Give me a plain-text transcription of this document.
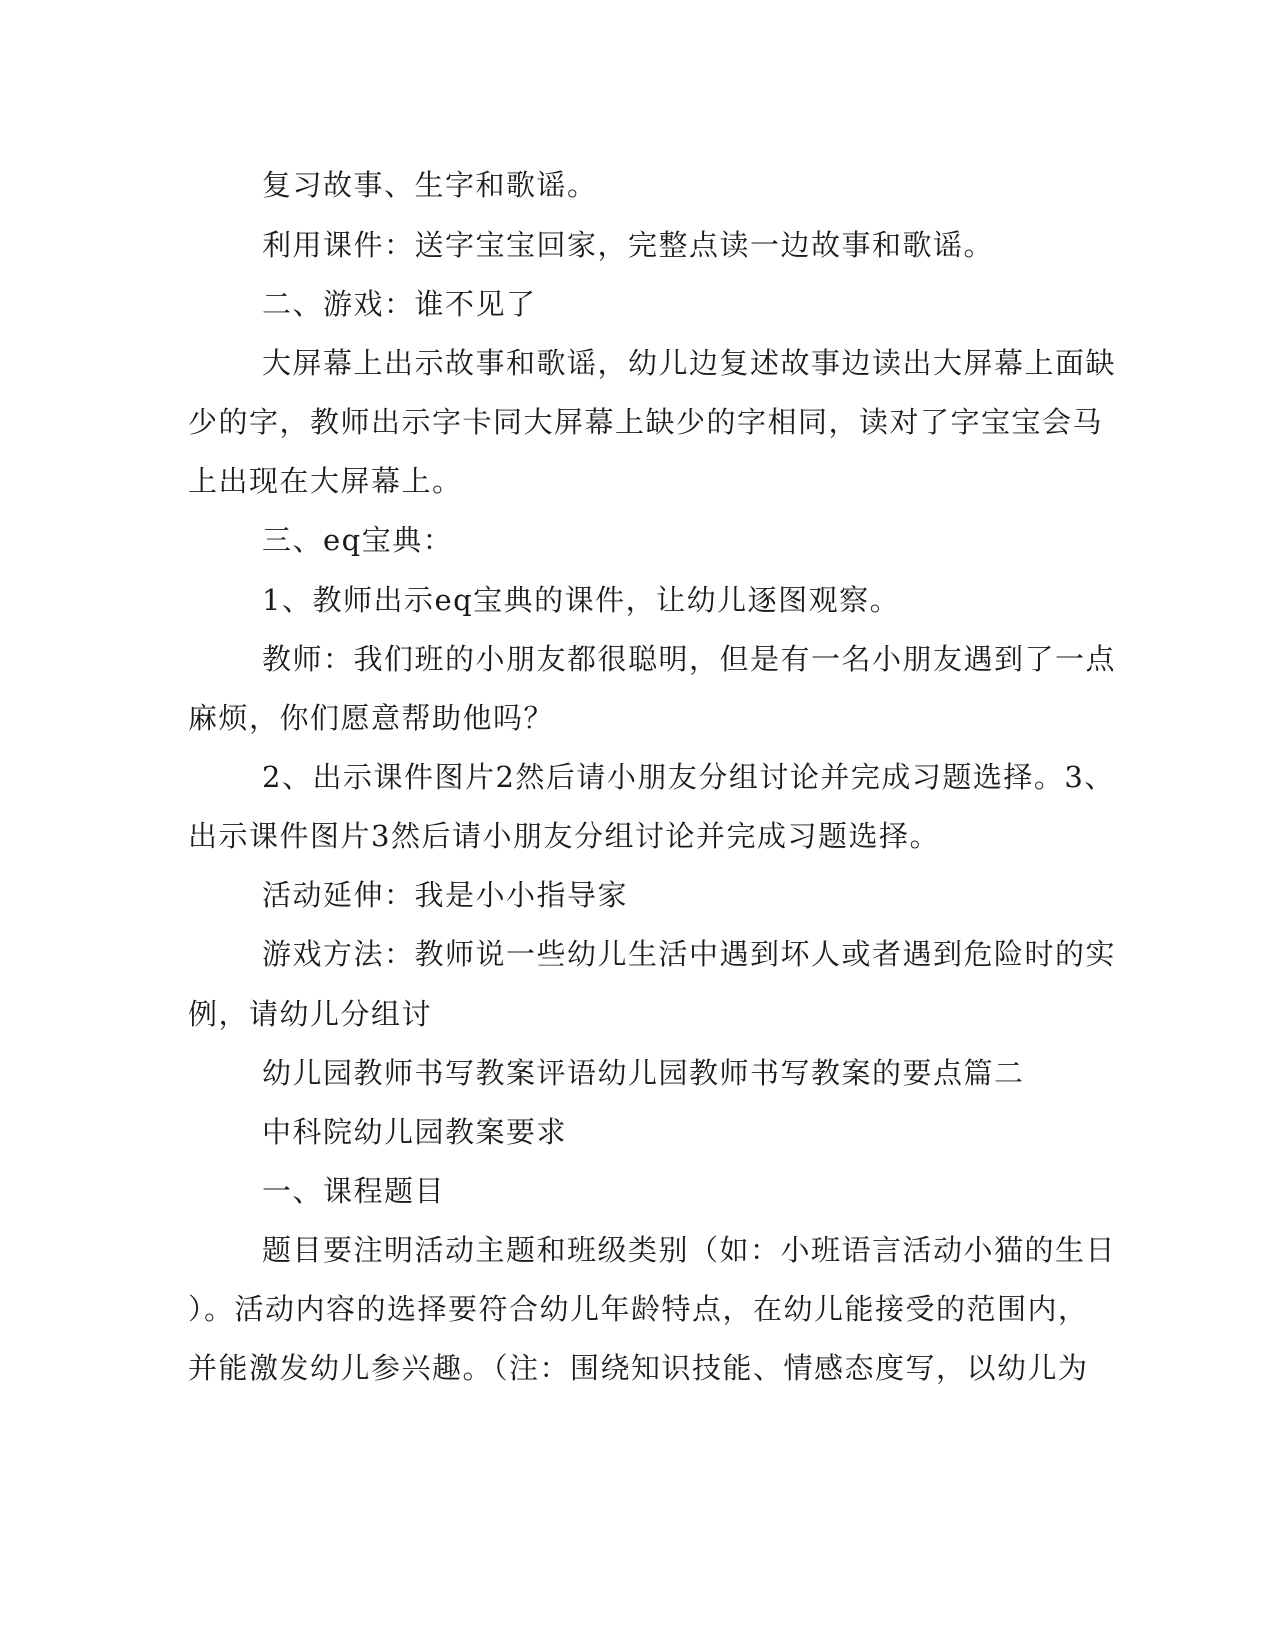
复习故事、生字和歌谣。

利用课件：送字宝宝回家，完整点读一边故事和歌谣。

二、游戏：谁不见了

大屏幕上出示故事和歌谣，幼儿边复述故事边读出大屏幕上面缺

少的字，教师出示字卡同大屏幕上缺少的字相同，读对了字宝宝会马

上出现在大屏幕上。

三、eq宝典：

1、教师出示eq宝典的课件，让幼儿逐图观察。

教师：我们班的小朋友都很聪明，但是有一名小朋友遇到了一点

麻烦，你们愿意帮助他吗？

2、出示课件图片2然后请小朋友分组讨论并完成习题选择。3、

出示课件图片3然后请小朋友分组讨论并完成习题选择。

活动延伸：我是小小指导家

游戏方法：教师说一些幼儿生活中遇到坏人或者遇到危险时的实

例，请幼儿分组讨

幼儿园教师书写教案评语幼儿园教师书写教案的要点篇二

中科院幼儿园教案要求

一、课程题目

题目要注明活动主题和班级类别（如：小班语言活动小猫的生日

）。活动内容的选择要符合幼儿年龄特点，在幼儿能接受的范围内，

并能激发幼儿参兴趣。（注：围绕知识技能、情感态度写，以幼儿为
